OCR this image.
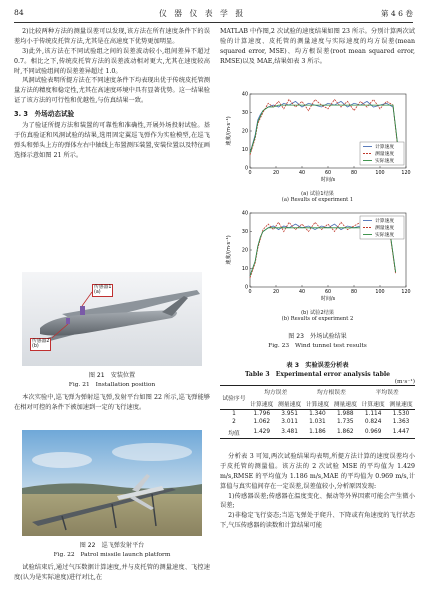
84	仪 器 仪 表 学 报	第 4 6 卷

2)比较两种方法的测量误差可以发现,该方法在所有速度条件下的误差均小于传统皮托管方法,尤其是在高速度下优势更加明显。

3)此外,该方法在不同试验组之间的误差波动较小,组间差异不超过 0.7。相比之下,传统皮托管方法的误差波动相对更大,尤其在速度较高时,不同试验组间的误差差异超过 1.0。

风洞试验表明所提方法在不同速度条件下均表现出优于传统皮托管测量方法的精度和稳定性,尤其在高速度环境中具有显著优势。这一结果验证了该方法的可行性和优越性,与仿真结果一致。

3. 3　外场动态试验

为了验证所提方法和装置的可靠性和准确性,开展外场投射试验。基于仿真验证和风洞试验的结果,选用固定翼巡飞弹作为实验模型,在巡飞弹头和弹头上方的弹体左右中轴线上布置测压装置,安装位置以及特征画选择示意如图 21 所示。

传感器1
(a)
传感器2
(b)
图 21　安装位置
Fig. 21　Installation position

本次实验中,巡飞弹为弹射巡飞弹,发射平台如图 22 所示,巡飞弹能够在相对可控的条件下被加速到一定的飞行速度。

图 22　巡飞弹发射平台
Fig. 22　Patrol missile launch platform

试验结束后,通过气压数据计算速度,并与皮托管的测量速度、飞控速度(认为是实际速度)进行对比,在

MATLAB 中作图,2 次试验的速度结果如图 23 所示。分别计算两次试验的计算速度、皮托管的测量速度与实际速度的均方误差(mean squared error, MSE)、均方根误差(root mean squared error, RMSE)以及 MAE,结果如表 3 所示。

0	20	40	60	80	100	120
0
10
20
30
40
时间/s
速度/(m·s⁻¹)
计算速度
测量速度
实际速度
(a) 试验1结果
(a) Results of experiment 1
0	20	40	60	80	100	120
0
10
20
30
40
时间/s
速度/(m·s⁻¹)
计算速度
测量速度
实际速度
(b) 试验2结果
(b) Results of experiment 2
图 23　外场试验结果
Fig. 23　Wind tunnel test results
表 3　实验误差分析表
Table 3　Experimental error analysis table
(m·s⁻¹)
试验序号	均方误差		均方根误差		平均误差	
	计算速度	测量速度	计算速度	测量速度	计算速度	测量速度
1	1.796	3.951	1.340	1.988	1.114	1.530
2	1.062	3.011	1.031	1.735	0.824	1.363
均值	1.429	3.481	1.186	1.862	0.969	1.447

分析表 3 可知,两次试验结果均表明,所提方法计算的速度误差均小于皮托管的测量值。该方法的 2 次试验 MSE 的平均值为 1.429 m/s,RMSE 的平均值为 1.186 m/s,MAE 的平均值为 0.969 m/s,计算值与真实值间存在一定误差,误差值较小,分析原因发现:

1)传感器误差;传感器在温度变化、振动等外界因素可能会产生微小误差;

2)非稳定飞行姿态;当巡飞弹处于爬升、下降或有角速度的飞行状态下,气压传感器的读数和计算结果可能
